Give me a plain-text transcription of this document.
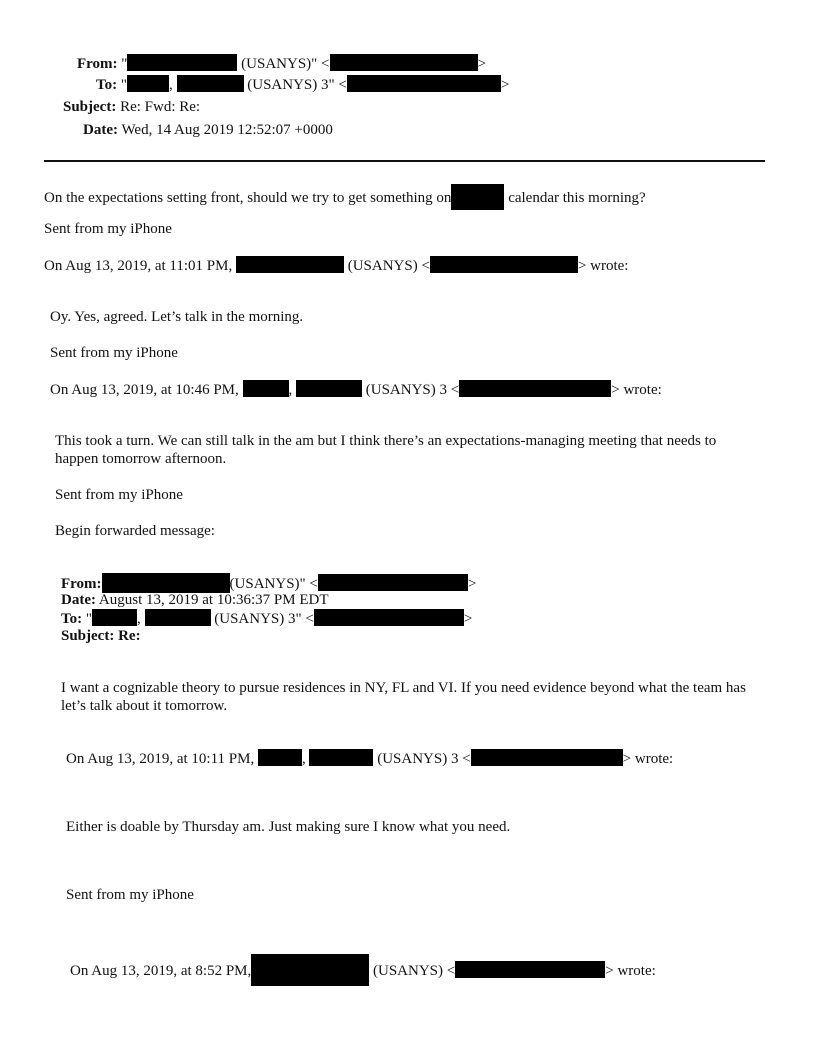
From: "	(USANYS)" <	>
To: "	,	(USANYS) 3" <	>
Subject: Re: Fwd: Re:
Date: Wed, 14 Aug 2019 12:52:07 +0000
On the expectations setting front, should we try to get something on	calendar this morning?
Sent from my iPhone
On Aug 13, 2019, at 11:01 PM,	(USANYS) <	> wrote:
Oy. Yes, agreed. Let’s talk in the morning.
Sent from my iPhone
On Aug 13, 2019, at 10:46 PM,	,	(USANYS) 3 <	> wrote:
This took a turn. We can still talk in the am but I think there’s an expectations-managing meeting that needs to happen tomorrow afternoon.
Sent from my iPhone
Begin forwarded message:
From:	(USANYS)" <	>
Date: August 13, 2019 at 10:36:37 PM EDT
To: "	,	(USANYS) 3" <	>
Subject: Re:
I want a cognizable theory to pursue residences in NY, FL and VI. If you need evidence beyond what the team has let’s talk about it tomorrow.
On Aug 13, 2019, at 10:11 PM,	,	(USANYS) 3 <	> wrote:
Either is doable by Thursday am. Just making sure I know what you need.
Sent from my iPhone
On Aug 13, 2019, at 8:52 PM,	(USANYS) <	> wrote:
